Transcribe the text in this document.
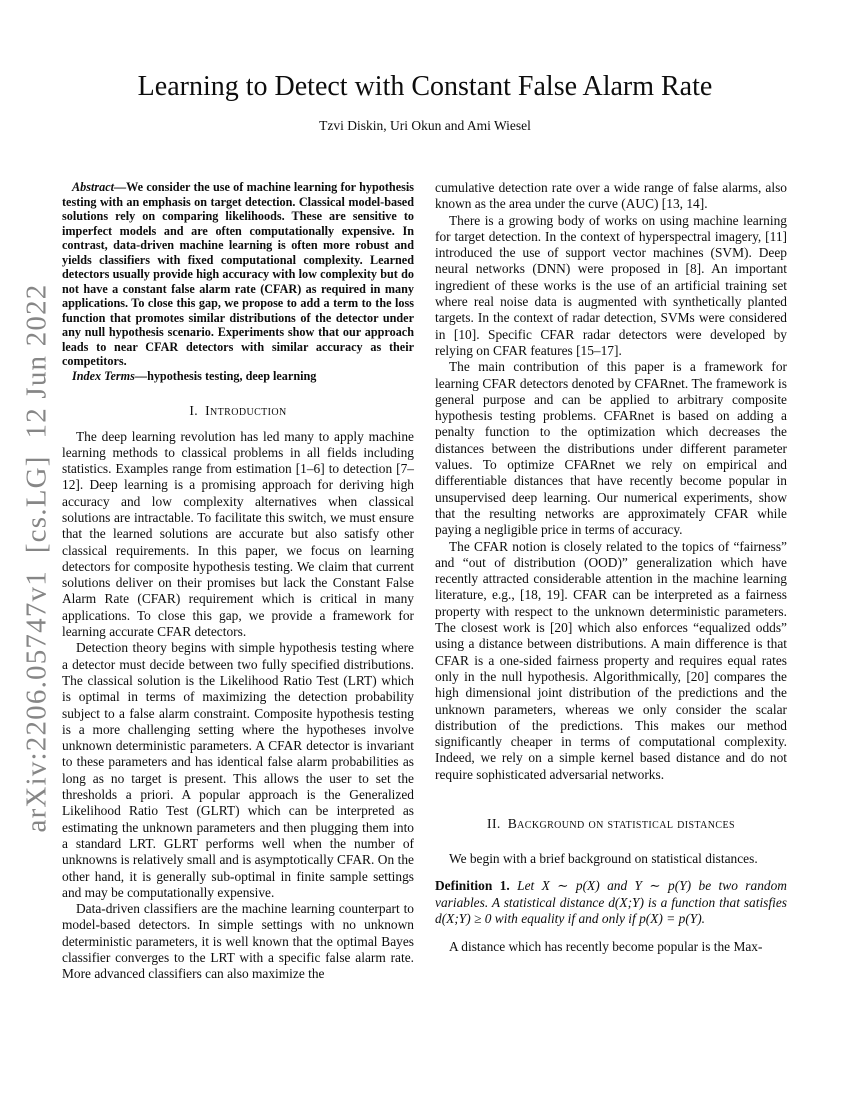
arXiv:2206.05747v1  [cs.LG]  12 Jun 2022
Learning to Detect with Constant False Alarm Rate
Tzvi Diskin, Uri Okun and Ami Wiesel

Abstract—We consider the use of machine learning for hypothesis testing with an emphasis on target detection. Classical model-based solutions rely on comparing likelihoods. These are sensitive to imperfect models and are often computationally expensive. In contrast, data-driven machine learning is often more robust and yields classifiers with fixed computational complexity. Learned detectors usually provide high accuracy with low complexity but do not have a constant false alarm rate (CFAR) as required in many applications. To close this gap, we propose to add a term to the loss function that promotes similar distributions of the detector under any null hypothesis scenario. Experiments show that our approach leads to near CFAR detectors with similar accuracy as their competitors.

Index Terms—hypothesis testing, deep learning

I. Introduction

The deep learning revolution has led many to apply machine learning methods to classical problems in all fields including statistics. Examples range from estimation [1–6] to detection [7–12]. Deep learning is a promising approach for deriving high accuracy and low complexity alternatives when classical solutions are intractable. To facilitate this switch, we must ensure that the learned solutions are accurate but also satisfy other classical requirements. In this paper, we focus on learning detectors for composite hypothesis testing. We claim that current solutions deliver on their promises but lack the Constant False Alarm Rate (CFAR) requirement which is critical in many applications. To close this gap, we provide a framework for learning accurate CFAR detectors.

Detection theory begins with simple hypothesis testing where a detector must decide between two fully specified distributions. The classical solution is the Likelihood Ratio Test (LRT) which is optimal in terms of maximizing the detection probability subject to a false alarm constraint. Composite hypothesis testing is a more challenging setting where the hypotheses involve unknown deterministic parameters. A CFAR detector is invariant to these parameters and has identical false alarm probabilities as long as no target is present. This allows the user to set the thresholds a priori. A popular approach is the Generalized Likelihood Ratio Test (GLRT) which can be interpreted as estimating the unknown parameters and then plugging them into a standard LRT. GLRT performs well when the number of unknowns is relatively small and is asymptotically CFAR. On the other hand, it is generally sub-optimal in finite sample settings and may be computationally expensive.

Data-driven classifiers are the machine learning counterpart to model-based detectors. In simple settings with no unknown deterministic parameters, it is well known that the optimal Bayes classifier converges to the LRT with a specific false alarm rate. More advanced classifiers can also maximize the

cumulative detection rate over a wide range of false alarms, also known as the area under the curve (AUC) [13, 14].

There is a growing body of works on using machine learning for target detection. In the context of hyperspectral imagery, [11] introduced the use of support vector machines (SVM). Deep neural networks (DNN) were proposed in [8]. An important ingredient of these works is the use of an artificial training set where real noise data is augmented with synthetically planted targets. In the context of radar detection, SVMs were considered in [10]. Specific CFAR radar detectors were developed by relying on CFAR features [15–17].

The main contribution of this paper is a framework for learning CFAR detectors denoted by CFARnet. The framework is general purpose and can be applied to arbitrary composite hypothesis testing problems. CFARnet is based on adding a penalty function to the optimization which decreases the distances between the distributions under different parameter values. To optimize CFARnet we rely on empirical and differentiable distances that have recently become popular in unsupervised deep learning. Our numerical experiments, show that the resulting networks are approximately CFAR while paying a negligible price in terms of accuracy.

The CFAR notion is closely related to the topics of “fairness” and “out of distribution (OOD)” generalization which have recently attracted considerable attention in the machine learning literature, e.g., [18, 19]. CFAR can be interpreted as a fairness property with respect to the unknown deterministic parameters. The closest work is [20] which also enforces “equalized odds” using a distance between distributions. A main difference is that CFAR is a one-sided fairness property and requires equal rates only in the null hypothesis. Algorithmically, [20] compares the high dimensional joint distribution of the predictions and the unknown parameters, whereas we only consider the scalar distribution of the predictions. This makes our method significantly cheaper in terms of computational complexity. Indeed, we rely on a simple kernel based distance and do not require sophisticated adversarial networks.

II. Background on statistical distances

We begin with a brief background on statistical distances.

Definition 1. Let X ∼ p(X) and Y ∼ p(Y) be two random variables. A statistical distance d(X;Y) is a function that satisfies d(X;Y) ≥ 0 with equality if and only if p(X) = p(Y).

A distance which has recently become popular is the Max-
